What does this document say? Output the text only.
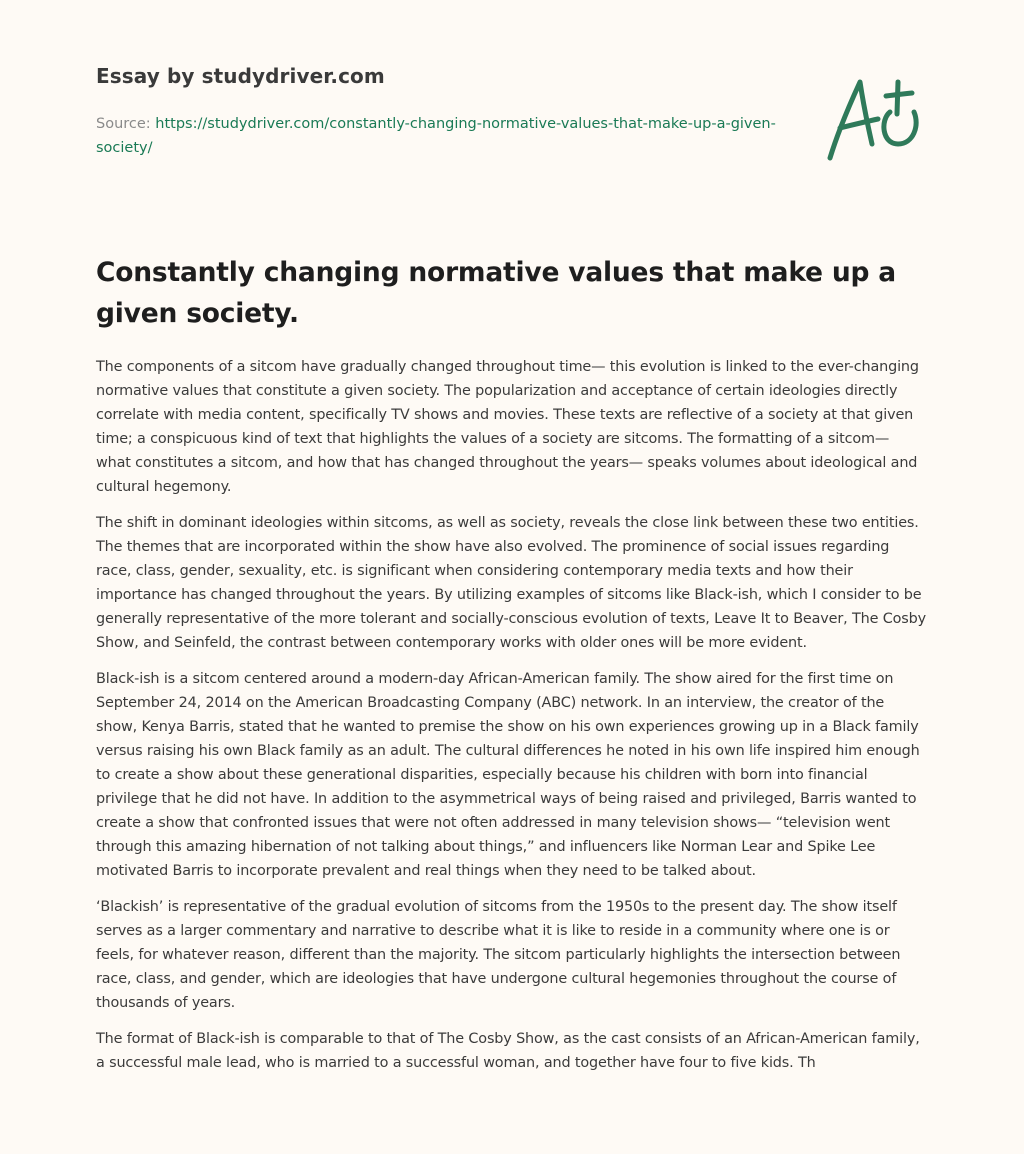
Essay by studydriver.com
Source: https://studydriver.com/constantly-changing-normative-values-that-make-up-a-given-society/
Constantly changing normative values that make up a given society.

The components of a sitcom have gradually changed throughout time— this evolution is linked to the ever-changing normative values that constitute a given society. The popularization and acceptance of certain ideologies directly correlate with media content, specifically TV shows and movies. These texts are reflective of a society at that given time; a conspicuous kind of text that highlights the values of a society are sitcoms. The formatting of a sitcom— what constitutes a sitcom, and how that has changed throughout the years— speaks volumes about ideological and cultural hegemony.

The shift in dominant ideologies within sitcoms, as well as society, reveals the close link between these two entities. The themes that are incorporated within the show have also evolved. The prominence of social issues regarding race, class, gender, sexuality, etc. is significant when considering contemporary media texts and how their importance has changed throughout the years. By utilizing examples of sitcoms like Black-ish, which I consider to be generally representative of the more tolerant and socially-conscious evolution of texts, Leave It to Beaver, The Cosby Show, and Seinfeld, the contrast between contemporary works with older ones will be more evident.

Black-ish is a sitcom centered around a modern-day African-American family. The show aired for the first time on September 24, 2014 on the American Broadcasting Company (ABC) network. In an interview, the creator of the show, Kenya Barris, stated that he wanted to premise the show on his own experiences growing up in a Black family versus raising his own Black family as an adult. The cultural differences he noted in his own life inspired him enough to create a show about these generational disparities, especially because his children with born into financial privilege that he did not have. In addition to the asymmetrical ways of being raised and privileged, Barris wanted to create a show that confronted issues that were not often addressed in many television shows— “television went through this amazing hibernation of not talking about things,” and influencers like Norman Lear and Spike Lee motivated Barris to incorporate prevalent and real things when they need to be talked about.

‘Blackish’ is representative of the gradual evolution of sitcoms from the 1950s to the present day. The show itself serves as a larger commentary and narrative to describe what it is like to reside in a community where one is or feels, for whatever reason, different than the majority. The sitcom particularly highlights the intersection between race, class, and gender, which are ideologies that have undergone cultural hegemonies throughout the course of thousands of years.

The format of Black-ish is comparable to that of The Cosby Show, as the cast consists of an African-American family, a successful male lead, who is married to a successful woman, and together have four to five kids. Th
